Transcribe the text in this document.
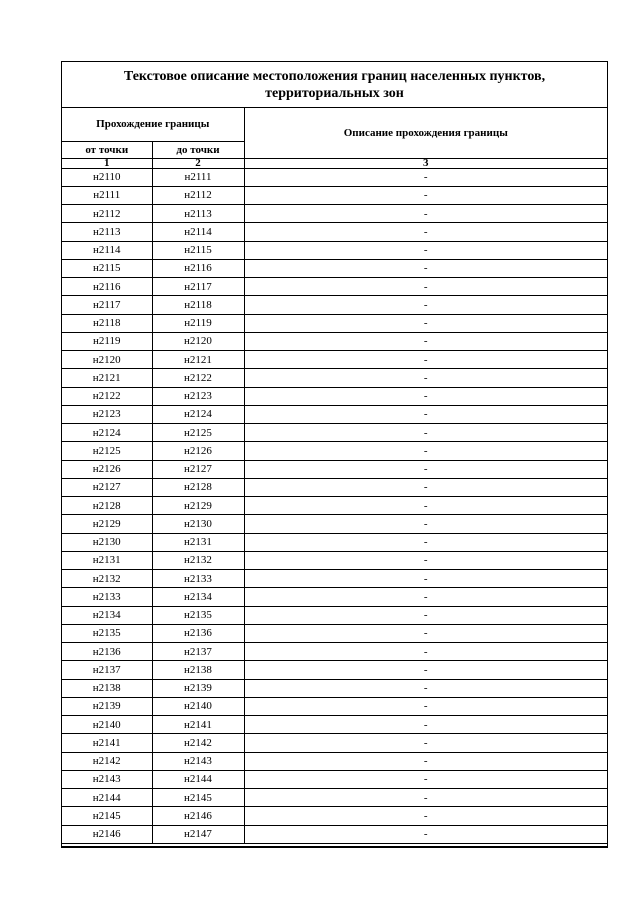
Текстовое описание местоположения границ населенных пунктов, территориальных зон
Прохождение границы		Описание прохождения границы
от точки	до точки	
1	2	3
н2110	н2111	-
н2111	н2112	-
н2112	н2113	-
н2113	н2114	-
н2114	н2115	-
н2115	н2116	-
н2116	н2117	-
н2117	н2118	-
н2118	н2119	-
н2119	н2120	-
н2120	н2121	-
н2121	н2122	-
н2122	н2123	-
н2123	н2124	-
н2124	н2125	-
н2125	н2126	-
н2126	н2127	-
н2127	н2128	-
н2128	н2129	-
н2129	н2130	-
н2130	н2131	-
н2131	н2132	-
н2132	н2133	-
н2133	н2134	-
н2134	н2135	-
н2135	н2136	-
н2136	н2137	-
н2137	н2138	-
н2138	н2139	-
н2139	н2140	-
н2140	н2141	-
н2141	н2142	-
н2142	н2143	-
н2143	н2144	-
н2144	н2145	-
н2145	н2146	-
н2146	н2147	-
